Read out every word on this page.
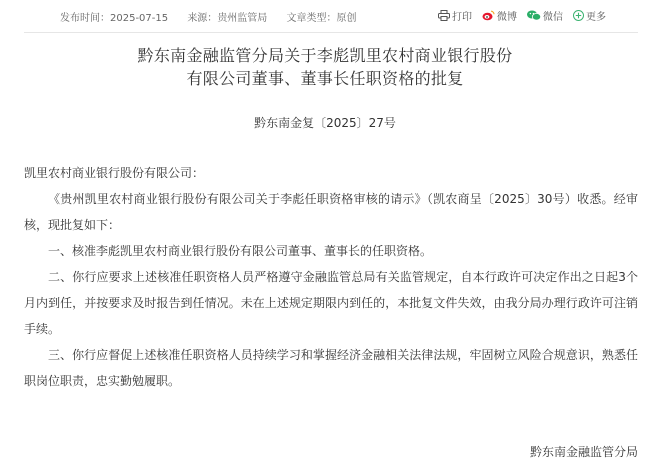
发布时间：2025-07-15 来源：贵州监管局 文章类型：原创	打印	微博	微信 更多
黔东南金融监管分局关于李彪凯里农村商业银行股份
有限公司董事、董事长任职资格的批复
黔东南金复〔2025〕27号

凯里农村商业银行股份有限公司：

《贵州凯里农村商业银行股份有限公司关于李彪任职资格审核的请示》（凯农商呈〔2025〕30号）收悉。经审核，现批复如下：

一、核准李彪凯里农村商业银行股份有限公司董事、董事长的任职资格。

二、你行应要求上述核准任职资格人员严格遵守金融监管总局有关监管规定，自本行政许可决定作出之日起3个月内到任，并按要求及时报告到任情况。未在上述规定期限内到任的，本批复文件失效，由我分局办理行政许可注销手续。

三、你行应督促上述核准任职资格人员持续学习和掌握经济金融相关法律法规，牢固树立风险合规意识，熟悉任职岗位职责，忠实勤勉履职。

黔东南金融监管分局
